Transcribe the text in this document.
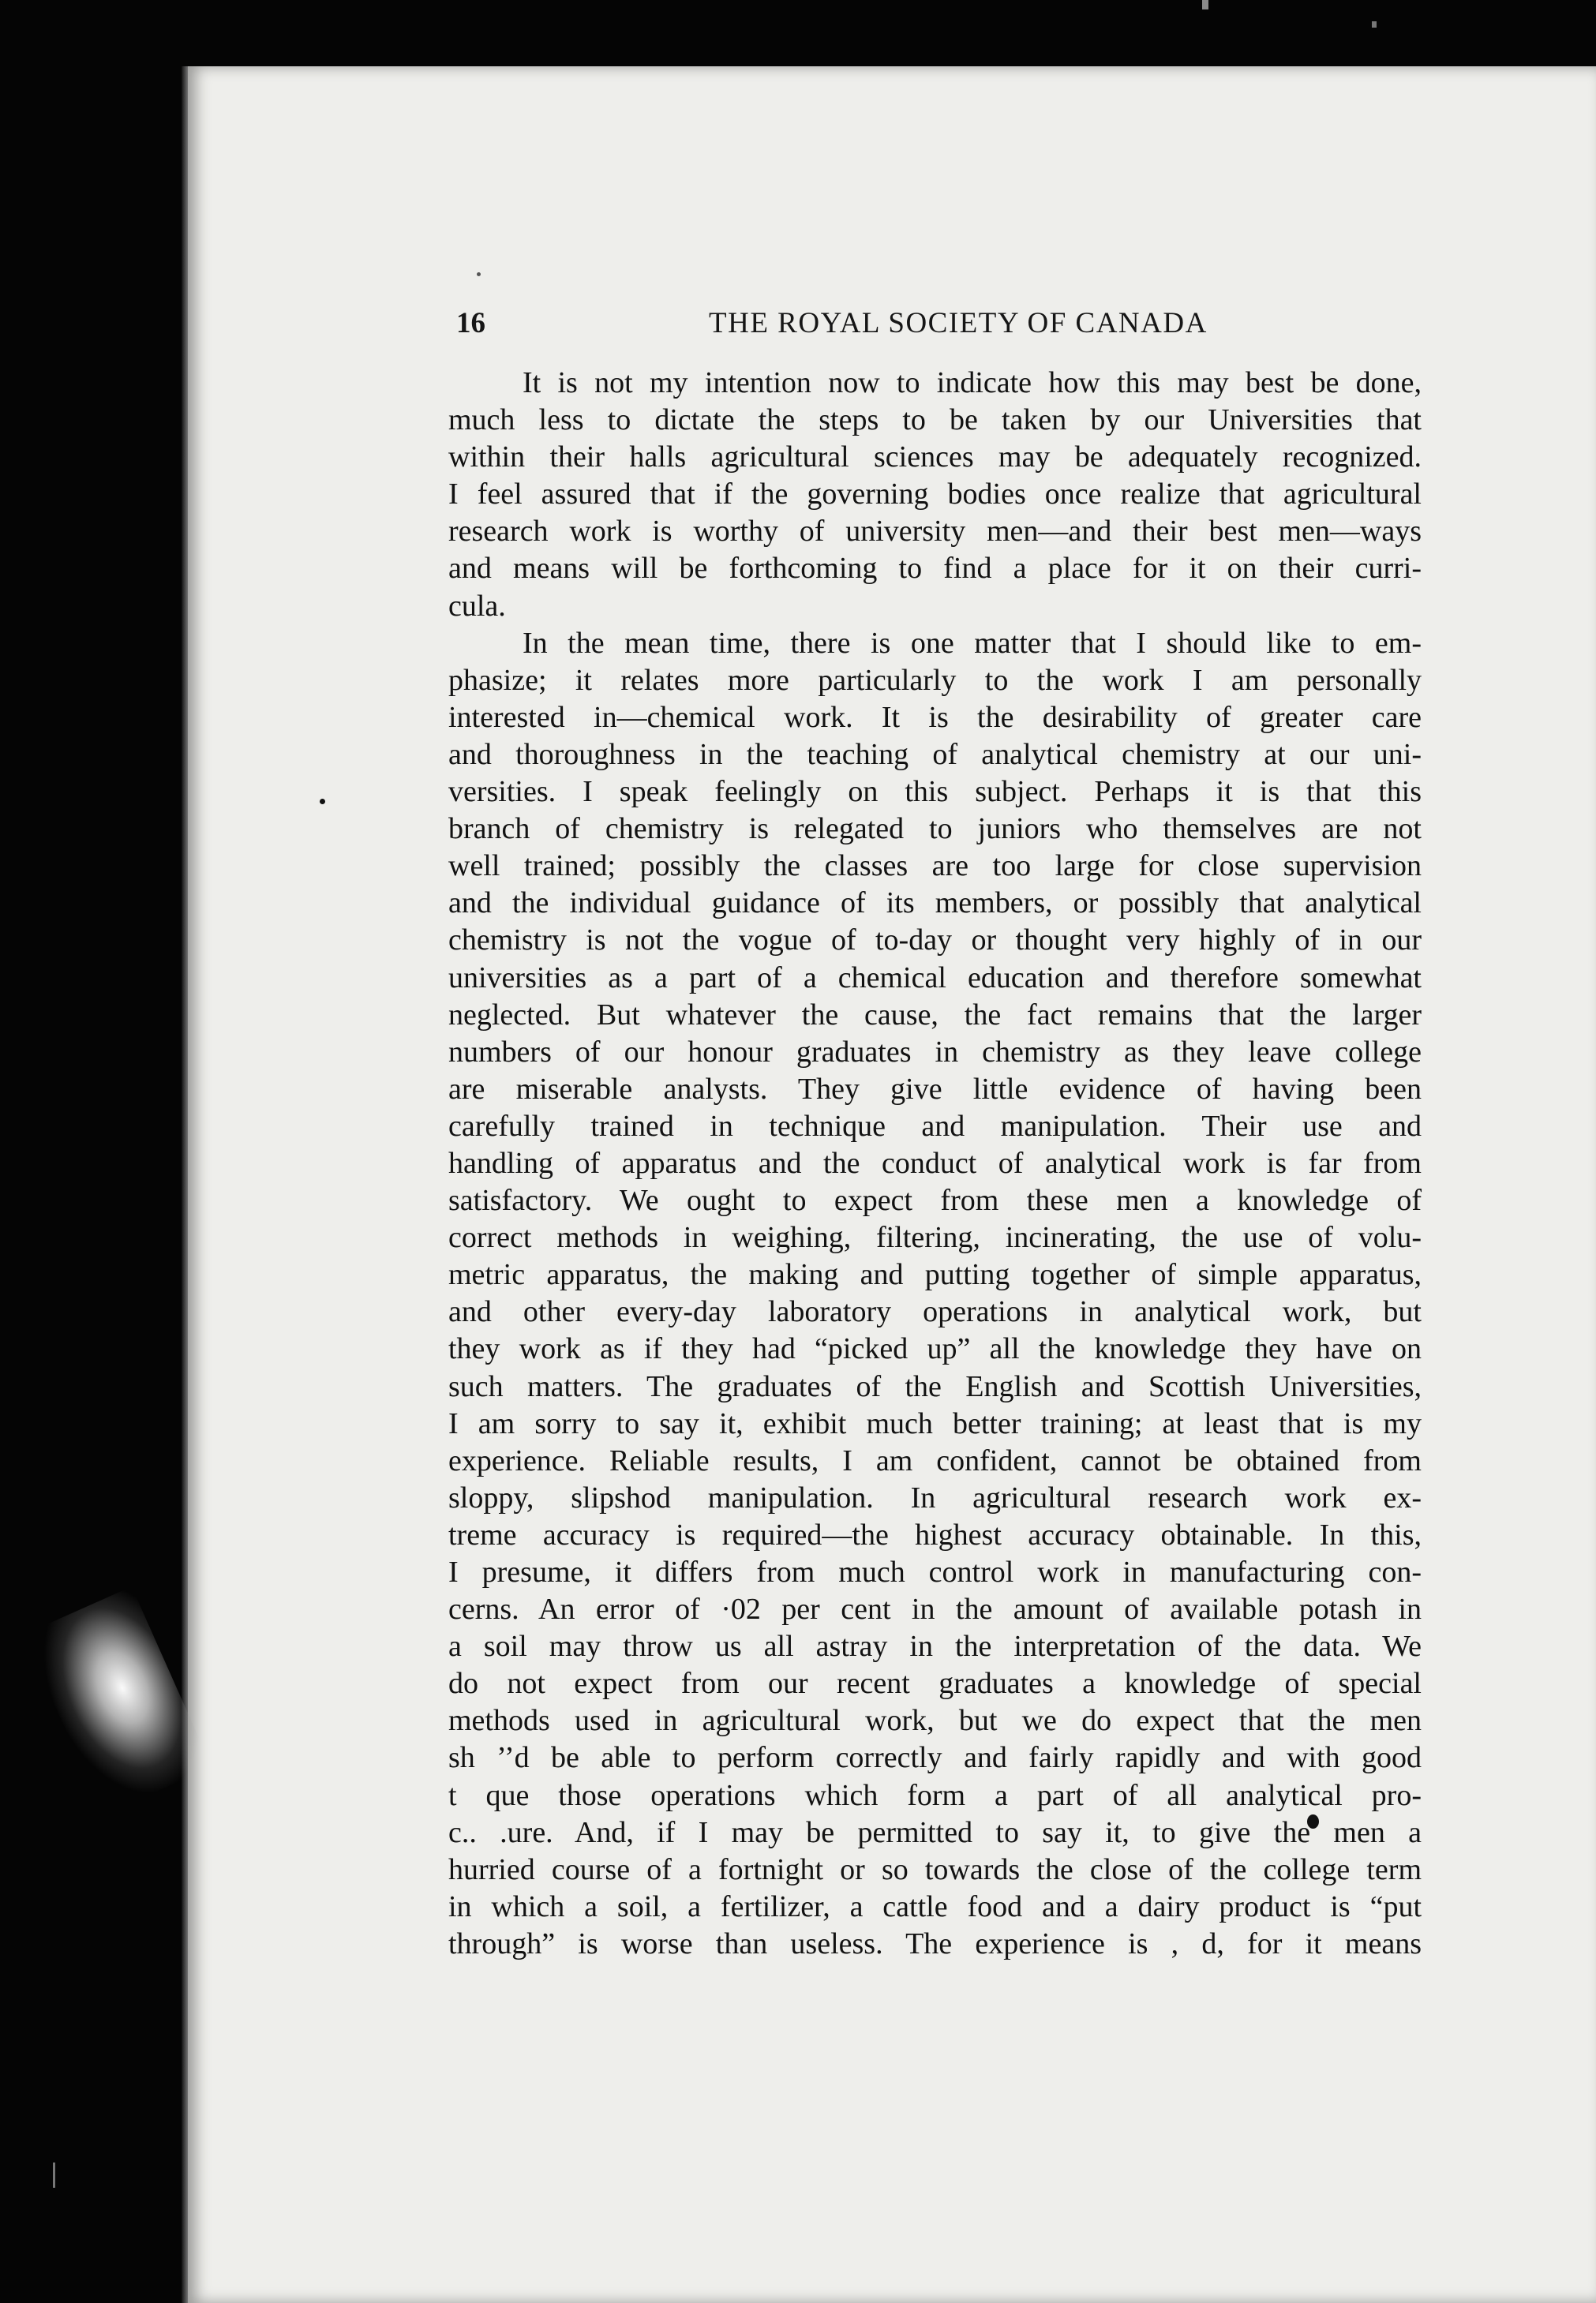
16	THE ROYAL SOCIETY OF CANADA
It is not my intention now to indicate how this may best be done,
much less to dictate the steps to be taken by our Universities that
within their halls agricultural sciences may be adequately recognized.
I feel assured that if the governing bodies once realize that agricultural
research work is worthy of university men—and their best men—ways
and means will be forthcoming to find a place for it on their curri-
cula.
In the mean time, there is one matter that I should like to em-
phasize; it relates more particularly to the work I am personally
interested in—chemical work. It is the desirability of greater care
and thoroughness in the teaching of analytical chemistry at our uni-
versities. I speak feelingly on this subject. Perhaps it is that this
branch of chemistry is relegated to juniors who themselves are not
well trained; possibly the classes are too large for close supervision
and the individual guidance of its members, or possibly that analytical
chemistry is not the vogue of to-day or thought very highly of in our
universities as a part of a chemical education and therefore somewhat
neglected. But whatever the cause, the fact remains that the larger
numbers of our honour graduates in chemistry as they leave college
are miserable analysts. They give little evidence of having been
carefully trained in technique and manipulation. Their use and
handling of apparatus and the conduct of analytical work is far from
satisfactory. We ought to expect from these men a knowledge of
correct methods in weighing, filtering, incinerating, the use of volu-
metric apparatus, the making and putting together of simple apparatus,
and other every-day laboratory operations in analytical work, but
they work as if they had “picked up” all the knowledge they have on
such matters. The graduates of the English and Scottish Universities,
I am sorry to say it, exhibit much better training; at least that is my
experience. Reliable results, I am confident, cannot be obtained from
sloppy, slipshod manipulation. In agricultural research work ex-
treme accuracy is required—the highest accuracy obtainable. In this,
I presume, it differs from much control work in manufacturing con-
cerns. An error of ·02 per cent in the amount of available potash in
a soil may throw us all astray in the interpretation of the data. We
do not expect from our recent graduates a knowledge of special
methods used in agricultural work, but we do expect that the men
sh ’’d be able to perform correctly and fairly rapidly and with good
t que those operations which form a part of all analytical pro-
c.. .ure. And, if I may be permitted to say it, to give the men a
hurried course of a fortnight or so towards the close of the college term
in which a soil, a fertilizer, a cattle food and a dairy product is “put
through” is worse than useless. The experience is , d, for it means
